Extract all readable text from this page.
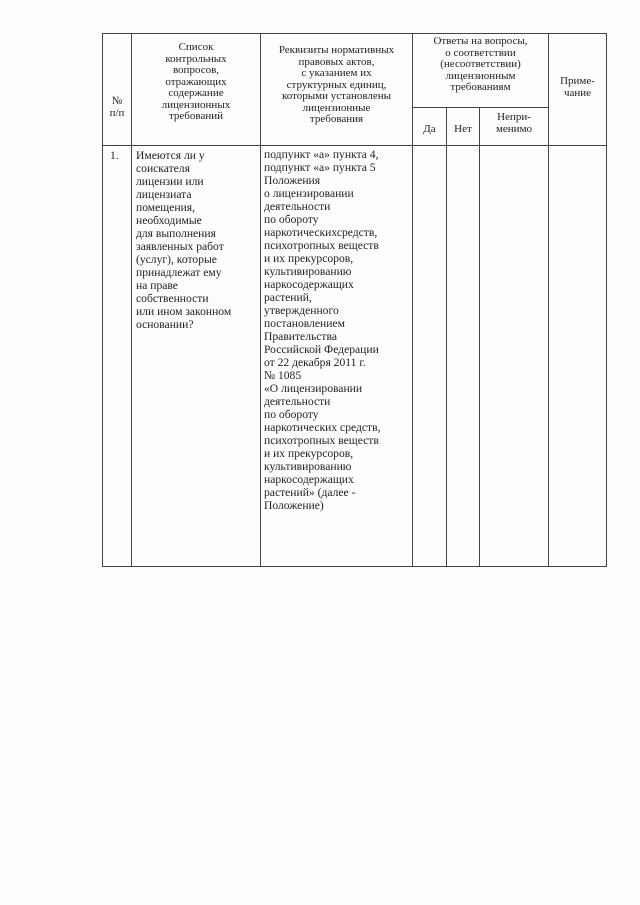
№
п/п
Список
контрольных
вопросов,
отражающих
содержание
лицензионных
требований
Реквизиты нормативных
правовых актов,
с указанием их
структурных единиц,
которыми установлены
лицензионные
требования
Ответы на вопросы,
о соответствии
(несоответствии)
лицензионным
требованиям
Да	Нет
Непри-
менимо
Приме-
чание
1.	Имеются ли у
соискателя
лицензии или
лицензиата
помещения,
необходимые
для выполнения
заявленных работ
(услуг), которые
принадлежат ему
на праве
собственности
или ином законном
основании?
подпункт «а» пункта 4,
подпункт «а» пункта 5
Положения
о лицензировании
деятельности
по обороту
наркотическихсредств,
психотропных веществ
и их прекурсоров,
культивированию
наркосодержащих
растений,
утвержденного
постановлением
Правительства
Российской Федерации
от 22 декабря 2011 г.
№ 1085
«О лицензировании
деятельности
по обороту
наркотических средств,
психотропных веществ
и их прекурсоров,
культивированию
наркосодержащих
растений» (далее -
Положение)
